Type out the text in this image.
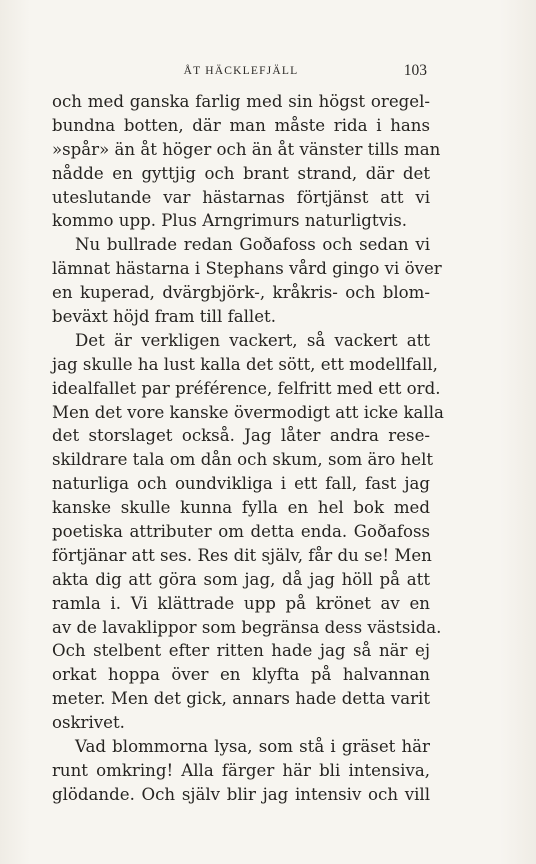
ÅT HÄCKLEFJÄLL	103
och med ganska farlig med sin högst oregel-
bundna botten, där man måste rida i hans
»spår» än åt höger och än åt vänster tills man
nådde en gyttjig och brant strand, där det
uteslutande var hästarnas förtjänst att vi
kommo upp. Plus Arngrimurs naturligtvis.
Nu bullrade redan Goðafoss och sedan vi
lämnat hästarna i Stephans vård gingo vi över
en kuperad, dvärgbjörk-, kråkris- och blom-
beväxt höjd fram till fallet.
Det är verkligen vackert, så vackert att
jag skulle ha lust kalla det sött, ett modellfall,
idealfallet par préférence, felfritt med ett ord.
Men det vore kanske övermodigt att icke kalla
det storslaget också. Jag låter andra rese-
skildrare tala om dån och skum, som äro helt
naturliga och oundvikliga i ett fall, fast jag
kanske skulle kunna fylla en hel bok med
poetiska attributer om detta enda. Goðafoss
förtjänar att ses. Res dit själv, får du se! Men
akta dig att göra som jag, då jag höll på att
ramla i. Vi klättrade upp på krönet av en
av de lavaklippor som begränsa dess västsida.
Och stelbent efter ritten hade jag så när ej
orkat hoppa över en klyfta på halvannan
meter. Men det gick, annars hade detta varit
oskrivet.
Vad blommorna lysa, som stå i gräset här
runt omkring! Alla färger här bli intensiva,
glödande. Och själv blir jag intensiv och vill
